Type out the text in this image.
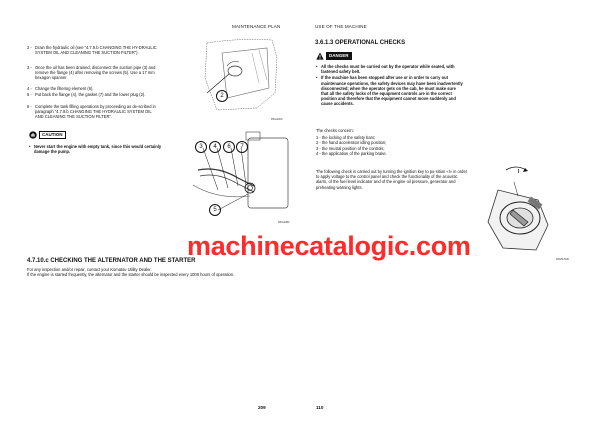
MAINTENANCE PLAN	USE OF THE MACHINE
2 - Drain the hydraulic oil (see “4.7.9.b CHANGING THE HY-DRAULIC SYSTEM OIL AND CLEANING THE SUCTION FILTER”).
3 - Once the oil has been drained, disconnect the suction pipe (3) and remove the flange (4) after removing the screws (5). Use a 17 mm hexagon spanner
4 - Change the filtering element (6).
5 - Put back the flange (4), the gasket (7) and the lower plug (2).
6 - Complete the tank filling operations by proceeding as de-scribed in paragraph “4.7.9.b CHANGING THE HYDRAULIC SYSTEM OIL AND CLEANING THE SUCTION FILTER”.
CAUTION
• Never start the engine with empty tank, since this would certainly damage the pump.
2
RKG2200
3	4	6	7
5
RKG2380
machinecatalogic.com
4.7.10.c CHECKING THE ALTERNATOR AND THE STARTER
For any inspection and/or repair, contact your Komatsu Utility Dealer.
If the engine is started frequently, the alternator and the starter should be inspected every 1000 hours of operation.
209
3.6.1.3 OPERATIONAL CHECKS
DANGER
• All the checks must be carried out by the operator while seated, with fastened safety belt.
• If the machine has been stopped after use or in order to carry out maintenance operations, the safety devices may have been inadvertently disconnected; when the operator gets on the cab, he must make sure that all the safety locks of the equipment controls are in the correct position and therefore that the equipment cannot move suddenly and cause accidents.
The checks concern:
1 - the locking of the safety bars;
2 - the hand accelerator idling position;
3 - the neutral position of the controls;
4 - the application of the parking brake.
The following check is carried out by turning the ignition key to po-sition «I» in order to apply voltage to the control panel and check the functionality of the acoustic alarm, of the fuel level indicator and of the engine oil pressure, generator and preheating warning lights.
I
RKM17000
110
